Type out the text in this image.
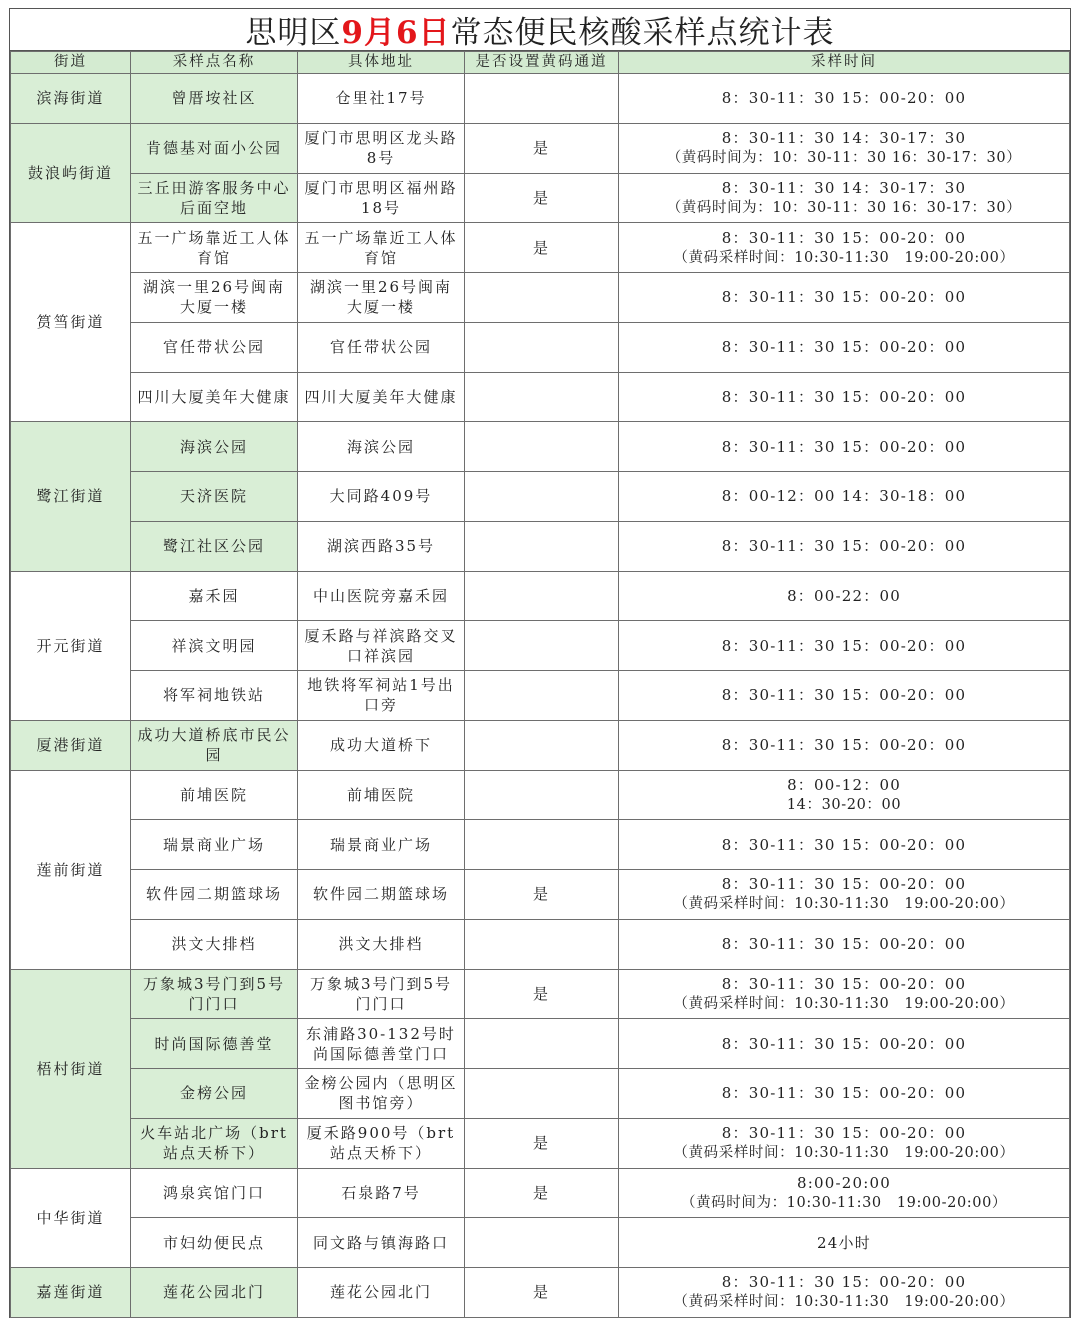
思明区 9月6日 常态便民核酸采样点统计表
街道	采样点名称	具体地址	是否设置黄码通道	采样时间
滨海街道	曾厝垵社区	仓里社17号		8：30-11：30 15：00-20：00
鼓浪屿街道	肯德基对面小公园	厦门市思明区龙头路8号	是	8：30-11：30 14：30-17：30
（黄码时间为：10：30-11：30 16：30-17：30）

	三丘田游客服务中心后面空地	厦门市思明区福州路18号	是	8：30-11：30 14：30-17：30
（黄码时间为：10：30-11：30 16：30-17：30）

筼筜街道	五一广场靠近工人体育馆	五一广场靠近工人体育馆	是	8：30-11：30 15：00-20：00
（黄码采样时间：10:30-11:30　19:00-20:00）

	湖滨一里26号闽南大厦一楼	湖滨一里26号闽南大厦一楼		8：30-11：30 15：00-20：00
	官任带状公园	官任带状公园		8：30-11：30 15：00-20：00
	四川大厦美年大健康	四川大厦美年大健康		8：30-11：30 15：00-20：00
鹭江街道	海滨公园	海滨公园		8：30-11：30 15：00-20：00
	天济医院	大同路409号		8：00-12：00 14：30-18：00
	鹭江社区公园	湖滨西路35号		8：30-11：30 15：00-20：00
开元街道	嘉禾园	中山医院旁嘉禾园		8：00-22：00
	祥滨文明园	厦禾路与祥滨路交叉口祥滨园		8：30-11：30 15：00-20：00
	将军祠地铁站	地铁将军祠站1号出口旁		8：30-11：30 15：00-20：00
厦港街道	成功大道桥底市民公园	成功大道桥下		8：30-11：30 15：00-20：00
莲前街道	前埔医院	前埔医院		8：00-12：00
14：30-20：00

	瑞景商业广场	瑞景商业广场		8：30-11：30 15：00-20：00
	软件园二期篮球场	软件园二期篮球场	是	8：30-11：30 15：00-20：00
（黄码采样时间：10:30-11:30　19:00-20:00）

	洪文大排档	洪文大排档		8：30-11：30 15：00-20：00
梧村街道	万象城3号门到5号门门口	万象城3号门到5号门门口	是	8：30-11：30 15：00-20：00
（黄码采样时间：10:30-11:30　19:00-20:00）

	时尚国际德善堂	东浦路30-132号时尚国际德善堂门口		8：30-11：30 15：00-20：00
	金榜公园	金榜公园内（思明区图书馆旁）		8：30-11：30 15：00-20：00
	火车站北广场（brt站点天桥下）	厦禾路900号（brt站点天桥下）	是	8：30-11：30 15：00-20：00
（黄码采样时间：10:30-11:30　19:00-20:00）

中华街道	鸿泉宾馆门口	石泉路7号	是	8:00-20:00
（黄码时间为：10:30-11:30　19:00-20:00）

	市妇幼便民点	同文路与镇海路口		24小时
嘉莲街道	莲花公园北门	莲花公园北门	是	8：30-11：30 15：00-20：00
（黄码采样时间：10:30-11:30　19:00-20:00）
